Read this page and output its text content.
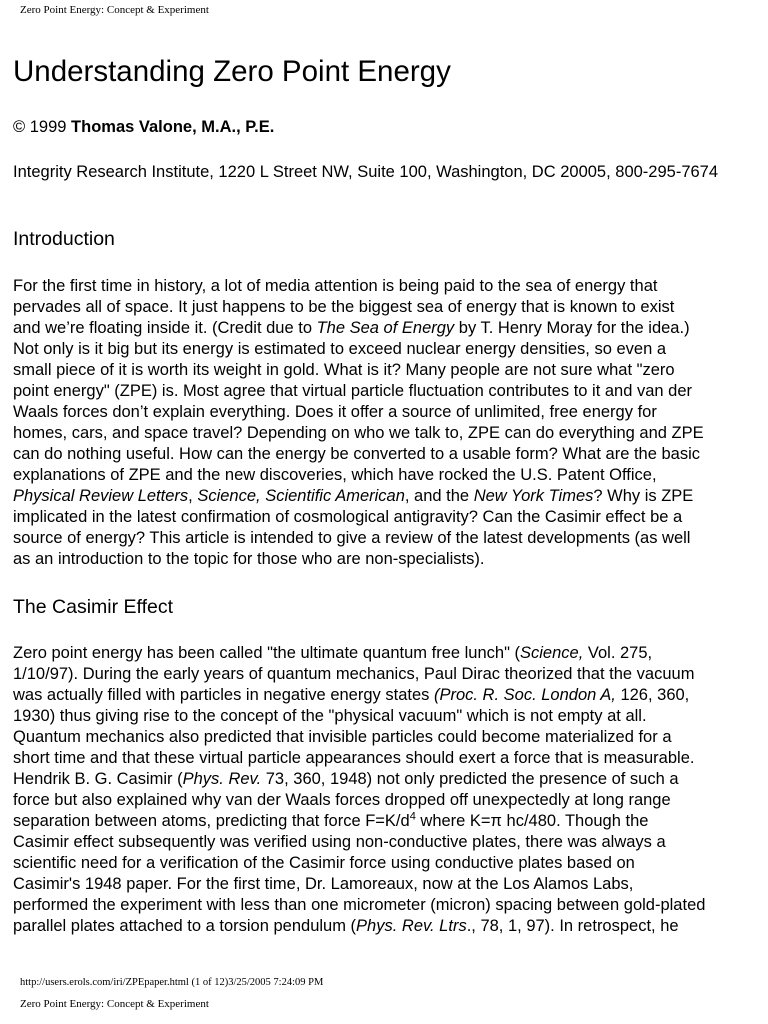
Zero Point Energy: Concept & Experiment
Understanding Zero Point Energy

© 1999 Thomas Valone, M.A., P.E.

Integrity Research Institute, 1220 L Street NW, Suite 100, Washington, DC 20005, 800-295-7674

Introduction
For the first time in history, a lot of media attention is being paid to the sea of energy that
pervades all of space. It just happens to be the biggest sea of energy that is known to exist
and we’re floating inside it. (Credit due to The Sea of Energy by T. Henry Moray for the idea.)
Not only is it big but its energy is estimated to exceed nuclear energy densities, so even a
small piece of it is worth its weight in gold. What is it? Many people are not sure what "zero
point energy" (ZPE) is. Most agree that virtual particle fluctuation contributes to it and van der
Waals forces don’t explain everything. Does it offer a source of unlimited, free energy for
homes, cars, and space travel? Depending on who we talk to, ZPE can do everything and ZPE
can do nothing useful. How can the energy be converted to a usable form? What are the basic
explanations of ZPE and the new discoveries, which have rocked the U.S. Patent Office,
Physical Review Letters, Science, Scientific American, and the New York Times? Why is ZPE
implicated in the latest confirmation of cosmological antigravity? Can the Casimir effect be a
source of energy? This article is intended to give a review of the latest developments (as well
as an introduction to the topic for those who are non-specialists).
The Casimir Effect
Zero point energy has been called "the ultimate quantum free lunch" (Science, Vol. 275,
1/10/97). During the early years of quantum mechanics, Paul Dirac theorized that the vacuum
was actually filled with particles in negative energy states (Proc. R. Soc. London A, 126, 360,
1930) thus giving rise to the concept of the "physical vacuum" which is not empty at all.
Quantum mechanics also predicted that invisible particles could become materialized for a
short time and that these virtual particle appearances should exert a force that is measurable.
Hendrik B. G. Casimir (Phys. Rev. 73, 360, 1948) not only predicted the presence of such a
force but also explained why van der Waals forces dropped off unexpectedly at long range
separation between atoms, predicting that force $F=K/d^4$ where K=π hc/480. Though the
Casimir effect subsequently was verified using non-conductive plates, there was always a
scientific need for a verification of the Casimir force using conductive plates based on
Casimir's 1948 paper. For the first time, Dr. Lamoreaux, now at the Los Alamos Labs,
performed the experiment with less than one micrometer (micron) spacing between gold-plated
parallel plates attached to a torsion pendulum (Phys. Rev. Ltrs., 78, 1, 97). In retrospect, he
http://users.erols.com/iri/ZPEpaper.html (1 of 12)3/25/2005 7:24:09 PM
Zero Point Energy: Concept & Experiment
